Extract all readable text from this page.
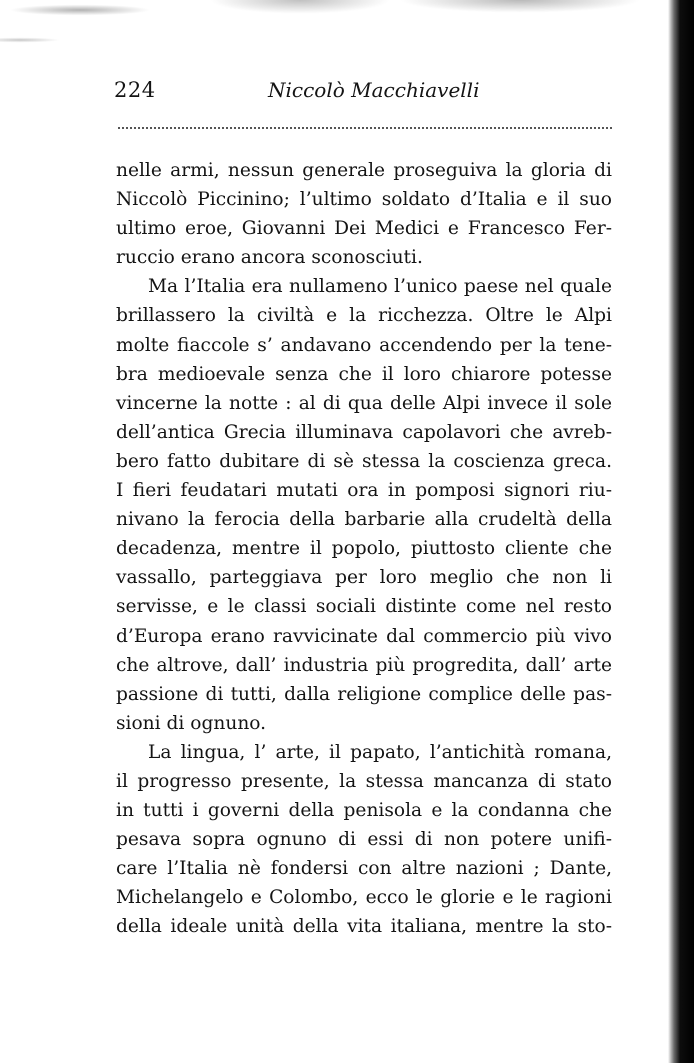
224	Niccolò Macchiavelli
nelle armi, nessun generale proseguiva la gloria di
Niccolò Piccinino; l’ultimo soldato d’Italia e il suo
ultimo eroe, Giovanni Dei Medici e Francesco Fer-
ruccio erano ancora sconosciuti.
Ma l’Italia era nullameno l’unico paese nel quale
brillassero la civiltà e la ricchezza. Oltre le Alpi
molte fiaccole s’ andavano accendendo per la tene-
bra medioevale senza che il loro chiarore potesse
vincerne la notte : al di qua delle Alpi invece il sole
dell’antica Grecia illuminava capolavori che avreb-
bero fatto dubitare di sè stessa la coscienza greca.
I fieri feudatari mutati ora in pomposi signori riu-
nivano la ferocia della barbarie alla crudeltà della
decadenza, mentre il popolo, piuttosto cliente che
vassallo, parteggiava per loro meglio che non li
servisse, e le classi sociali distinte come nel resto
d’Europa erano ravvicinate dal commercio più vivo
che altrove, dall’ industria più progredita, dall’ arte
passione di tutti, dalla religione complice delle pas-
sioni di ognuno.
La lingua, l’ arte, il papato, l’antichità romana,
il progresso presente, la stessa mancanza di stato
in tutti i governi della penisola e la condanna che
pesava sopra ognuno di essi di non potere unifi-
care l’Italia nè fondersi con altre nazioni ; Dante,
Michelangelo e Colombo, ecco le glorie e le ragioni
della ideale unità della vita italiana, mentre la sto-
